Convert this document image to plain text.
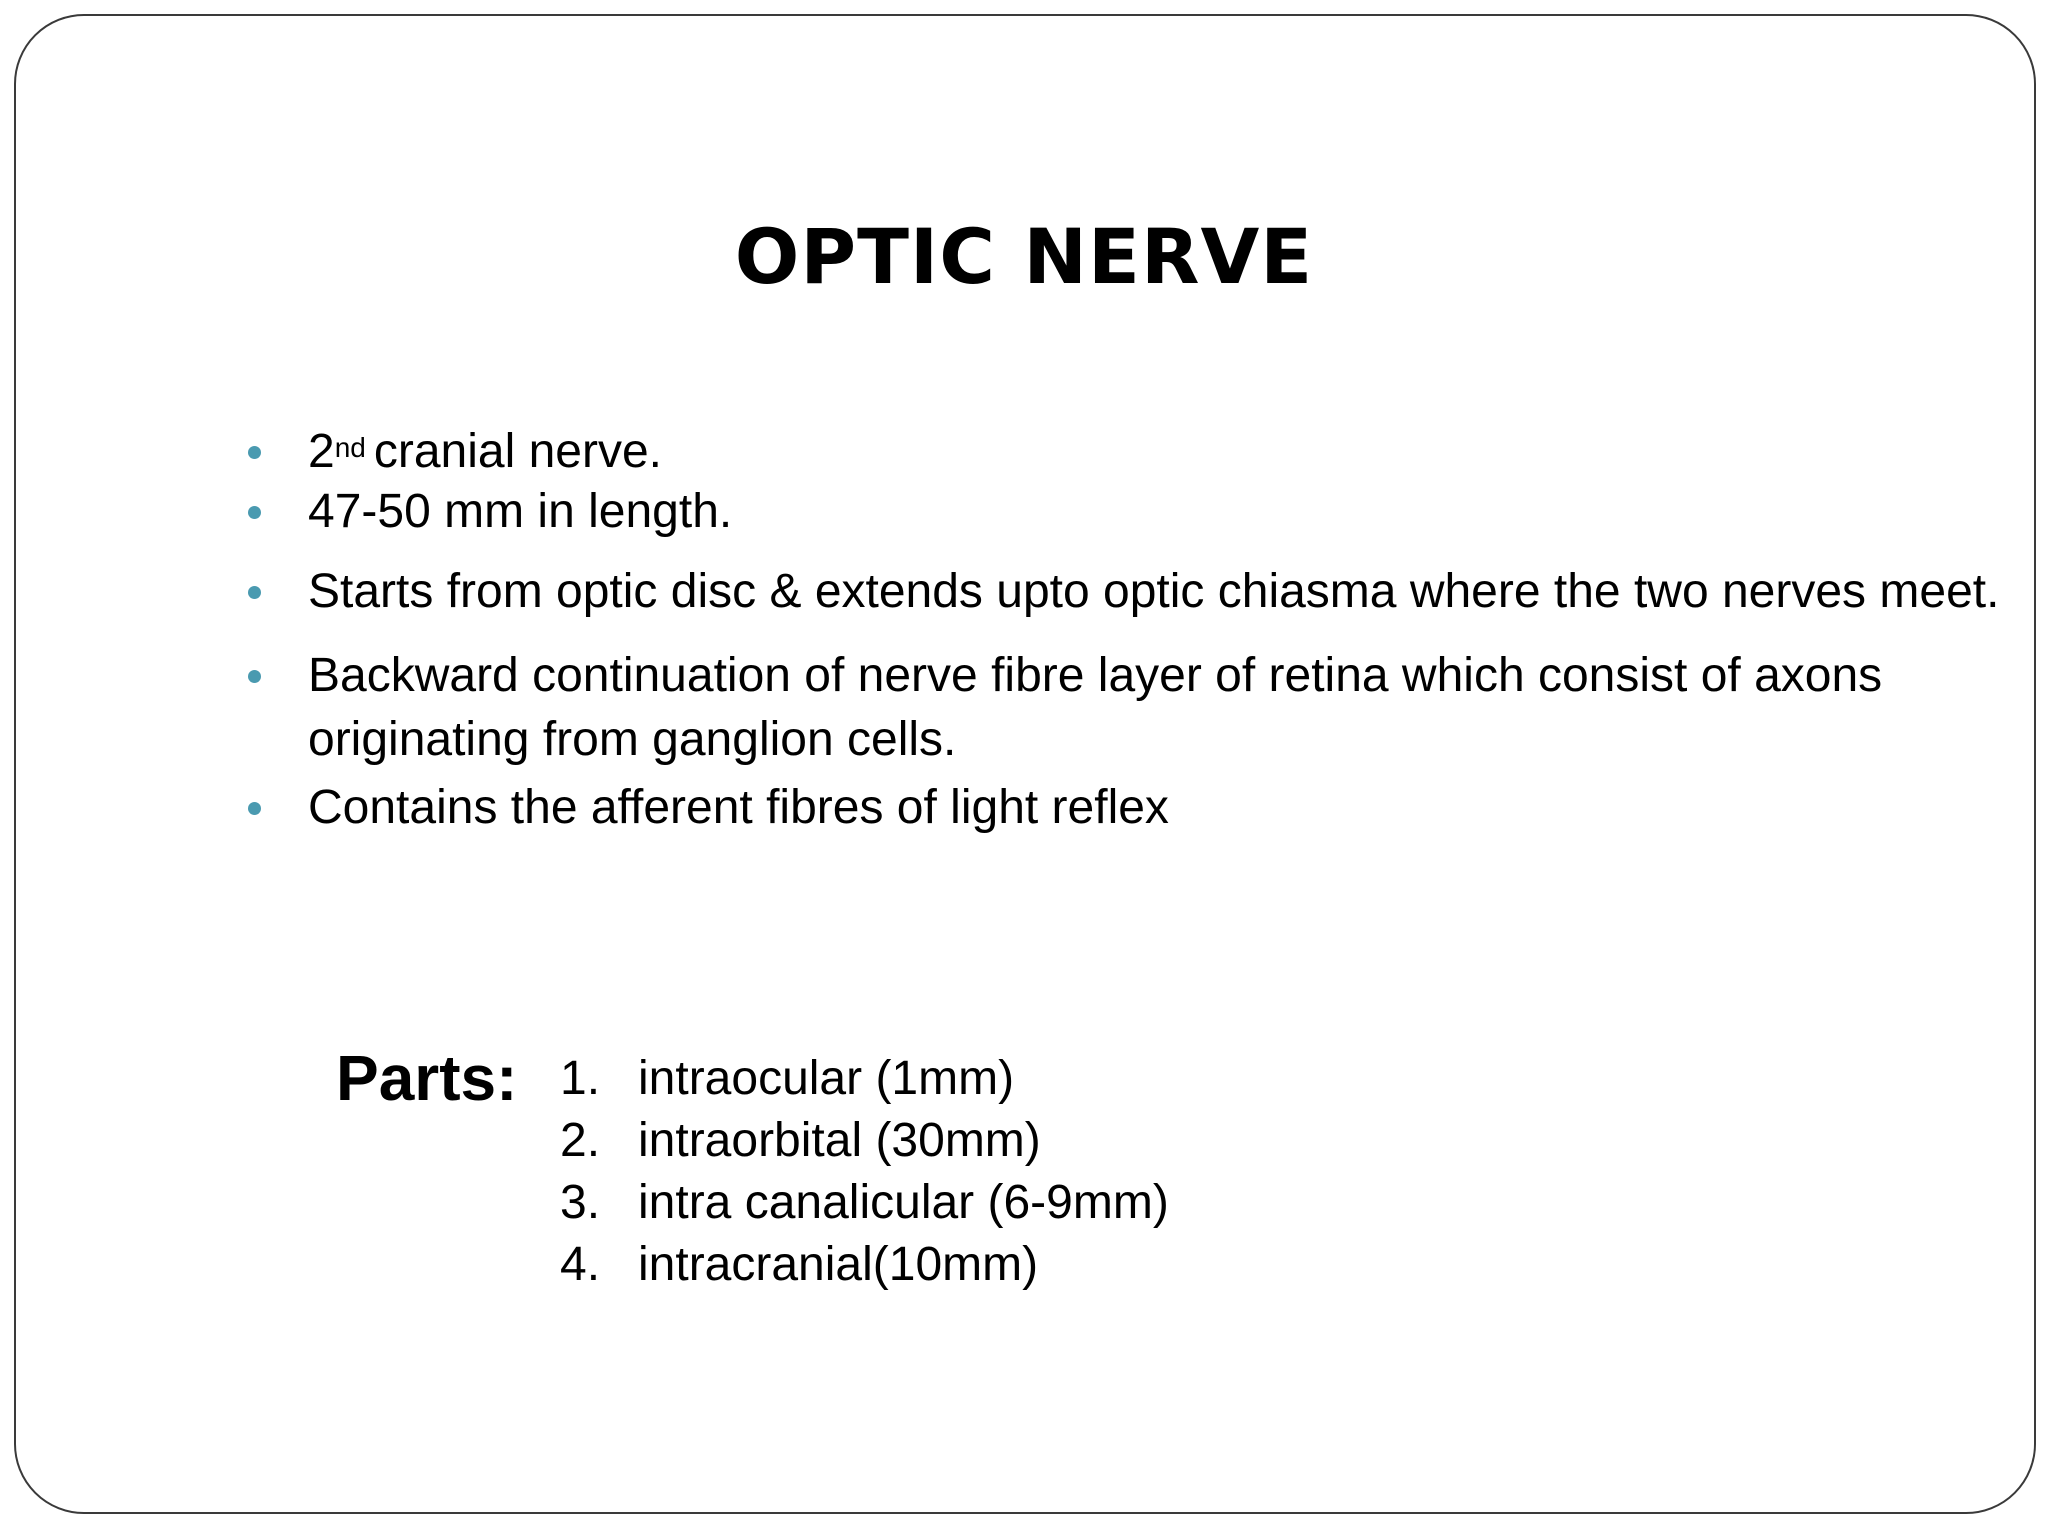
OPTIC NERVE
2nd cranial nerve.
47-50 mm in length.
Starts from optic disc & extends upto optic chiasma where the two nerves meet.
Backward continuation of nerve fibre layer of retina which consist of axons originating from ganglion cells.
Contains the afferent fibres of light reflex
Parts: 1. intraocular (1mm)
2. intraorbital (30mm)
3. intra canalicular (6-9mm)
4. intracranial(10mm)
